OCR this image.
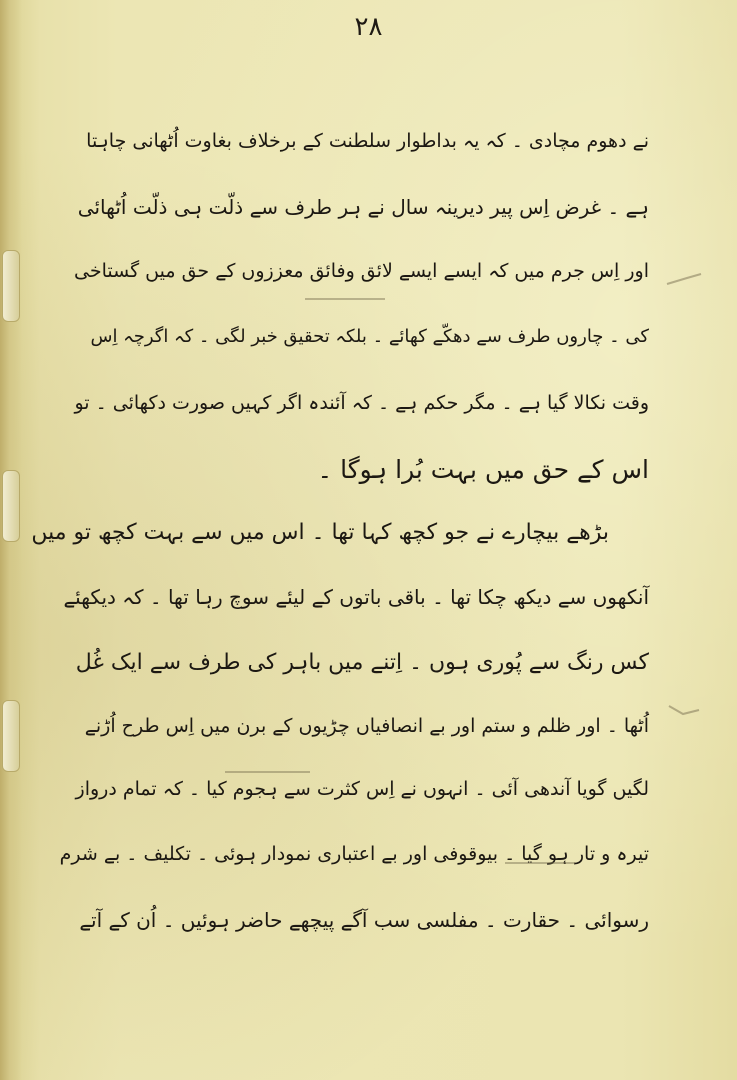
۲۸
نے دھوم مچادی ۔ کہ یہ بداطوار سلطنت کے برخلاف بغاوت اُٹھانی چاہتا
ہے ۔ غرض اِس پیر دیرینہ سال نے ہر طرف سے ذلّت ہی ذلّت اُٹھائی
اور اِس جرم میں کہ ایسے ایسے لائق وفائق معززوں کے حق میں گستاخی
کی ۔ چاروں طرف سے دھکّے کھائے ۔ بلکہ تحقیق خبر لگی ۔ کہ اگرچہ اِس
وقت نکالا گیا ہے ۔ مگر حکم ہے ۔ کہ آئندہ اگر کہیں صورت دکھائی ۔ تو
اس کے حق میں بہت بُرا ہوگا ۔
بڑھے بیچارے نے جو کچھ کہا تھا ۔ اس میں سے بہت کچھ تو میں
آنکھوں سے دیکھ چکا تھا ۔ باقی باتوں کے لیئے سوچ رہا تھا ۔ کہ دیکھئے
کس رنگ سے پُوری ہوں ۔ اِتنے میں باہر کی طرف سے ایک غُل
اُٹھا ۔ اور ظلم و ستم اور بے انصافیاں چڑیوں کے برن میں اِس طرح اُڑنے
لگیں گویا آندھی آئی ۔ انہوں نے اِس کثرت سے ہجوم کیا ۔ کہ تمام درواز
تیرہ و تار ہو گیا ۔ بیوقوفی اور بے اعتباری نمودار ہوئی ۔ تکلیف ۔ بے شرم
رسوائی ۔ حقارت ۔ مفلسی سب آگے پیچھے حاضر ہوئیں ۔ اُن کے آتے
